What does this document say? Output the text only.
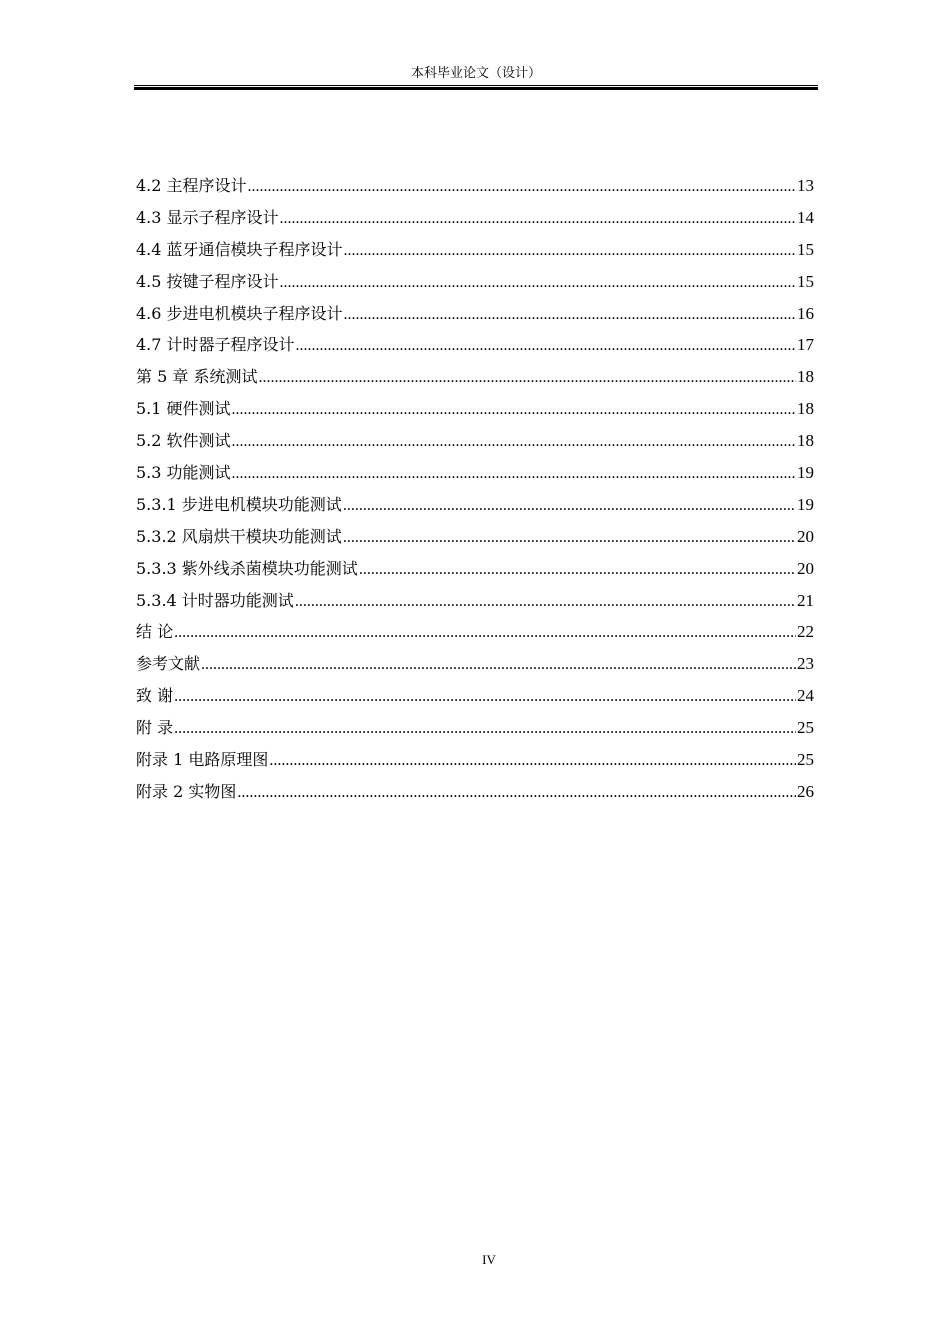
本科毕业论文（设计）
4.2 主程序设计 .....	13
4.3 显示子程序设计 .....	14
4.4 蓝牙通信模块子程序设计 .....	15
4.5 按键子程序设计 .....	15
4.6 步进电机模块子程序设计 .....	16
4.7 计时器子程序设计 .....	17
第 5 章 系统测试 .....	18
5.1 硬件测试 .....	18
5.2 软件测试 .....	18
5.3 功能测试 .....	19
5.3.1 步进电机模块功能测试 .....	19
5.3.2 风扇烘干模块功能测试 .....	20
5.3.3 紫外线杀菌模块功能测试 .....	20
5.3.4 计时器功能测试 .....	21
结 论 .....	22
参考文献 .....	23
致 谢 .....	24
附 录 .....	25
附录 1 电路原理图 .....	25
附录 2 实物图 .....	26
IV
